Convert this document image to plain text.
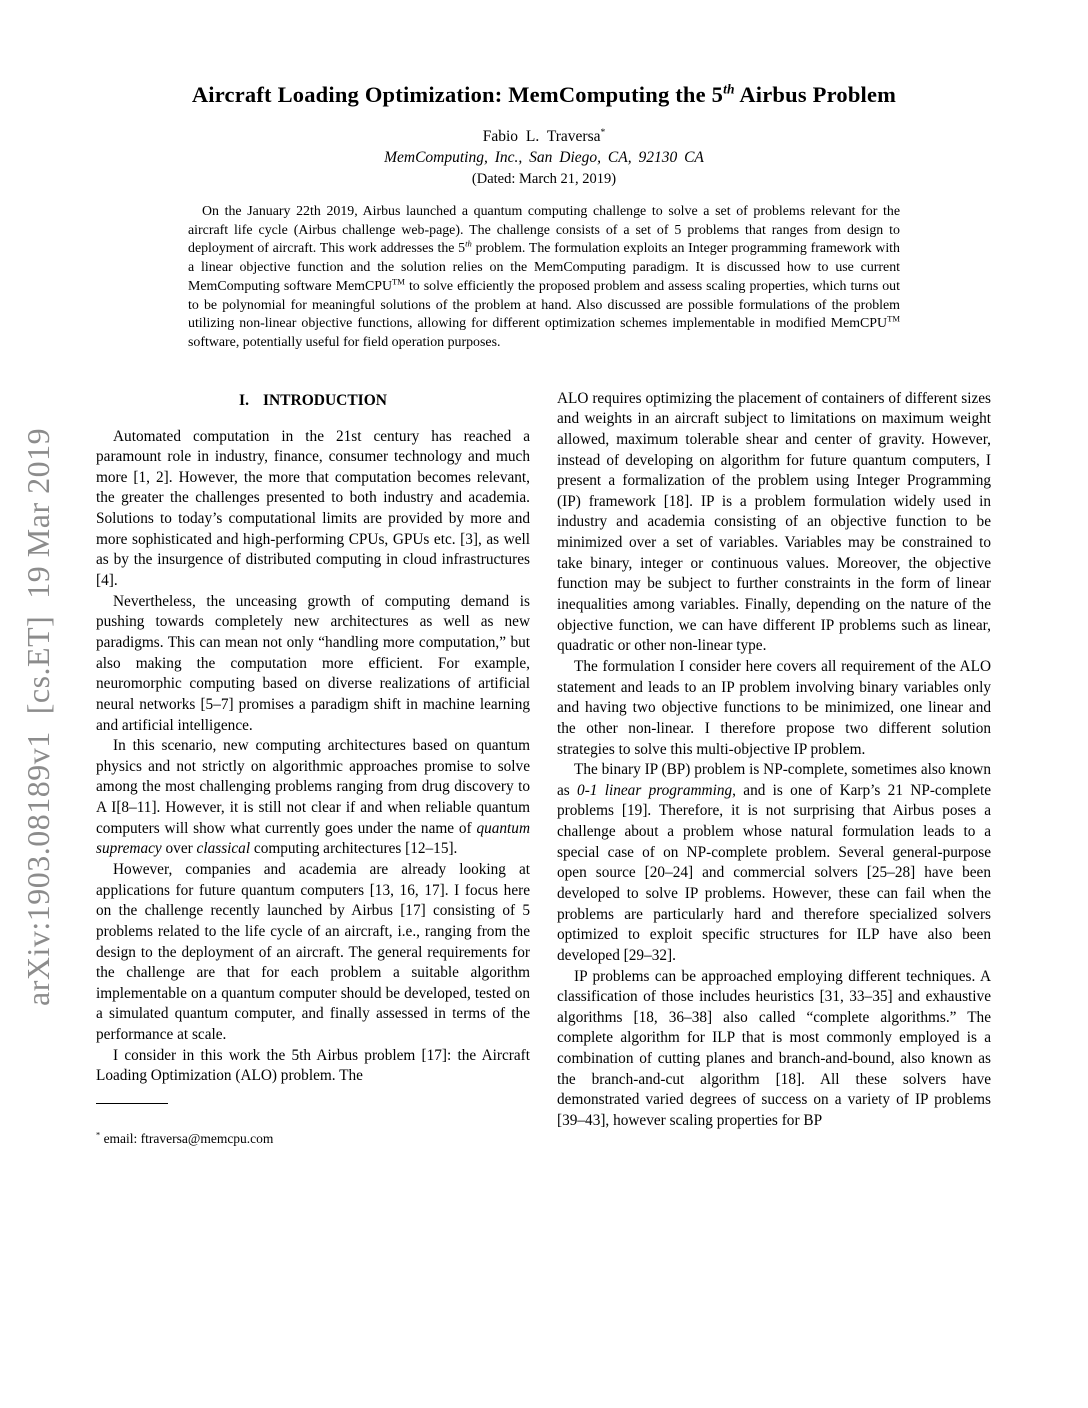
arXiv:1903.08189v1  [cs.ET]  19 Mar 2019
Aircraft Loading Optimization: MemComputing the 5th Airbus Problem
Fabio L. Traversa*
MemComputing, Inc., San Diego, CA, 92130 CA
(Dated: March 21, 2019)
On the January 22th 2019, Airbus launched a quantum computing challenge to solve a set of problems relevant for the aircraft life cycle (Airbus challenge web-page). The challenge consists of a set of 5 problems that ranges from design to deployment of aircraft. This work addresses the 5th problem. The formulation exploits an Integer programming framework with a linear objective function and the solution relies on the MemComputing paradigm. It is discussed how to use current MemComputing software MemCPU™ to solve efficiently the proposed problem and assess scaling properties, which turns out to be polynomial for meaningful solutions of the problem at hand. Also discussed are possible formulations of the problem utilizing non-linear objective functions, allowing for different optimization schemes implementable in modified MemCPU™ software, potentially useful for field operation purposes.
I. INTRODUCTION

Automated computation in the 21st century has reached a paramount role in industry, finance, consumer technology and much more [1, 2]. However, the more that computation becomes relevant, the greater the challenges presented to both industry and academia. Solutions to today’s computational limits are provided by more and more sophisticated and high-performing CPUs, GPUs etc. [3], as well as by the insurgence of distributed computing in cloud infrastructures [4].

Nevertheless, the unceasing growth of computing demand is pushing towards completely new architectures as well as new paradigms. This can mean not only “handling more computation,” but also making the computation more efficient. For example, neuromorphic computing based on diverse realizations of artificial neural networks [5–7] promises a paradigm shift in machine learning and artificial intelligence.

In this scenario, new computing architectures based on quantum physics and not strictly on algorithmic approaches promise to solve among the most challenging problems ranging from drug discovery to A I[8–11]. However, it is still not clear if and when reliable quantum computers will show what currently goes under the name of quantum supremacy over classical computing architectures [12–15].

However, companies and academia are already looking at applications for future quantum computers [13, 16, 17]. I focus here on the challenge recently launched by Airbus [17] consisting of 5 problems related to the life cycle of an aircraft, i.e., ranging from the design to the deployment of an aircraft. The general requirements for the challenge are that for each problem a suitable algorithm implementable on a quantum computer should be developed, tested on a simulated quantum computer, and finally assessed in terms of the performance at scale.

I consider in this work the 5th Airbus problem [17]: the Aircraft Loading Optimization (ALO) problem. The

* email: ftraversa@memcpu.com

ALO requires optimizing the placement of containers of different sizes and weights in an aircraft subject to limitations on maximum weight allowed, maximum tolerable shear and center of gravity. However, instead of developing on algorithm for future quantum computers, I present a formalization of the problem using Integer Programming (IP) framework [18]. IP is a problem formulation widely used in industry and academia consisting of an objective function to be minimized over a set of variables. Variables may be constrained to take binary, integer or continuous values. Moreover, the objective function may be subject to further constraints in the form of linear inequalities among variables. Finally, depending on the nature of the objective function, we can have different IP problems such as linear, quadratic or other non-linear type.

The formulation I consider here covers all requirement of the ALO statement and leads to an IP problem involving binary variables only and having two objective functions to be minimized, one linear and the other non-linear. I therefore propose two different solution strategies to solve this multi-objective IP problem.

The binary IP (BP) problem is NP-complete, sometimes also known as 0-1 linear programming, and is one of Karp’s 21 NP-complete problems [19]. Therefore, it is not surprising that Airbus poses a challenge about a problem whose natural formulation leads to a special case of on NP-complete problem. Several general-purpose open source [20–24] and commercial solvers [25–28] have been developed to solve IP problems. However, these can fail when the problems are particularly hard and therefore specialized solvers optimized to exploit specific structures for ILP have also been developed [29–32].

IP problems can be approached employing different techniques. A classification of those includes heuristics [31, 33–35] and exhaustive algorithms [18, 36–38] also called “complete algorithms.” The complete algorithm for ILP that is most commonly employed is a combination of cutting planes and branch-and-bound, also known as the branch-and-cut algorithm [18]. All these solvers have demonstrated varied degrees of success on a variety of IP problems [39–43], however scaling properties for BP
